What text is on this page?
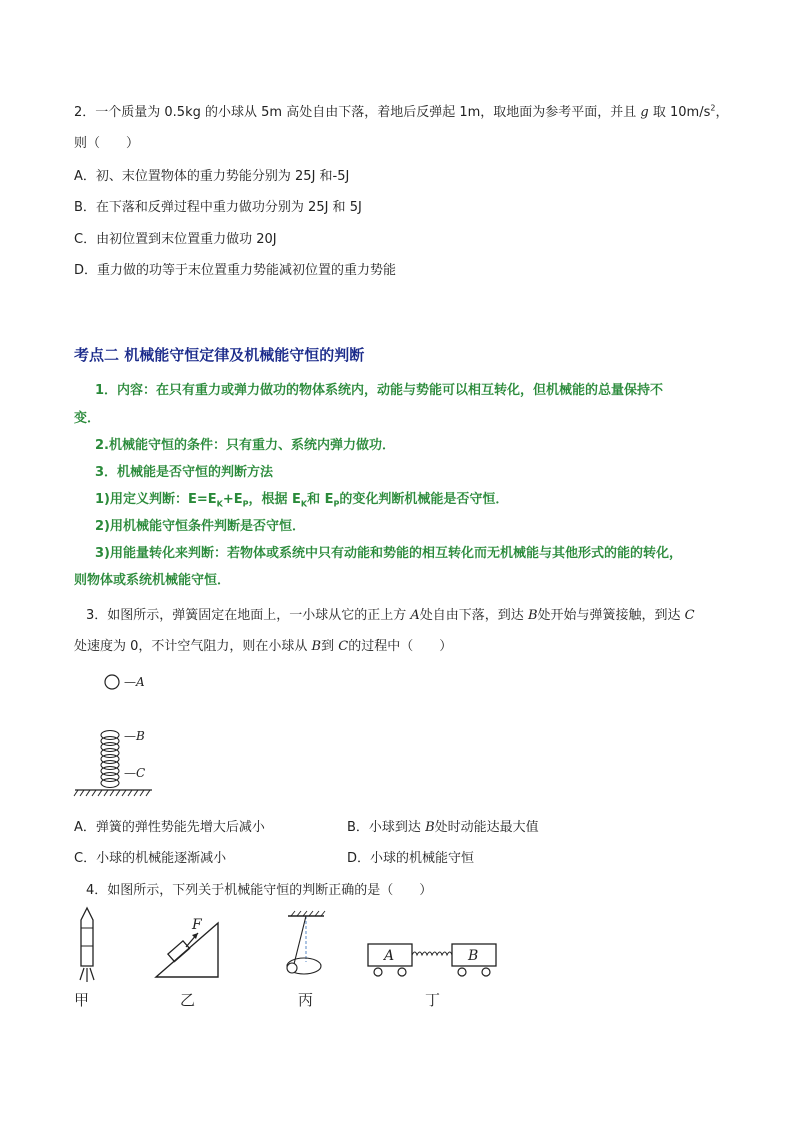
2．一个质量为 0.5kg 的小球从 5m 高处自由下落，着地后反弹起 1m，取地面为参考平面，并且 g 取 $10m/s^2$，
则（　　）
A．初、末位置物体的重力势能分别为 25J 和-5J
B．在下落和反弹过程中重力做功分别为 25J 和 5J
C．由初位置到末位置重力做功 20J
D．重力做的功等于末位置重力势能减初位置的重力势能
考点二 机械能守恒定律及机械能守恒的判断
1．内容：在只有重力或弹力做功的物体系统内，动能与势能可以相互转化，但机械能的总量保持不
变．
2.机械能守恒的条件：只有重力、系统内弹力做功．
3．机械能是否守恒的判断方法
1)用定义判断：$E=E_K+E_P$，根据 $E_K$和 $E_P$的变化判断机械能是否守恒．
2)用机械能守恒条件判断是否守恒．
3)用能量转化来判断：若物体或系统中只有动能和势能的相互转化而无机械能与其他形式的能的转化，
则物体或系统机械能守恒．
3．如图所示，弹簧固定在地面上，一小球从它的正上方 A处自由下落，到达 B处开始与弹簧接触，到达 C
处速度为 0，不计空气阻力，则在小球从 B到 C的过程中（　　）
—A
—B
—C
A．弹簧的弹性势能先增大后减小	B．小球到达 B处时动能达最大值
C．小球的机械能逐渐减小	D．小球的机械能守恒
4．如图所示，下列关于机械能守恒的判断正确的是（　　）
F
A	B
甲	乙	丙	丁
